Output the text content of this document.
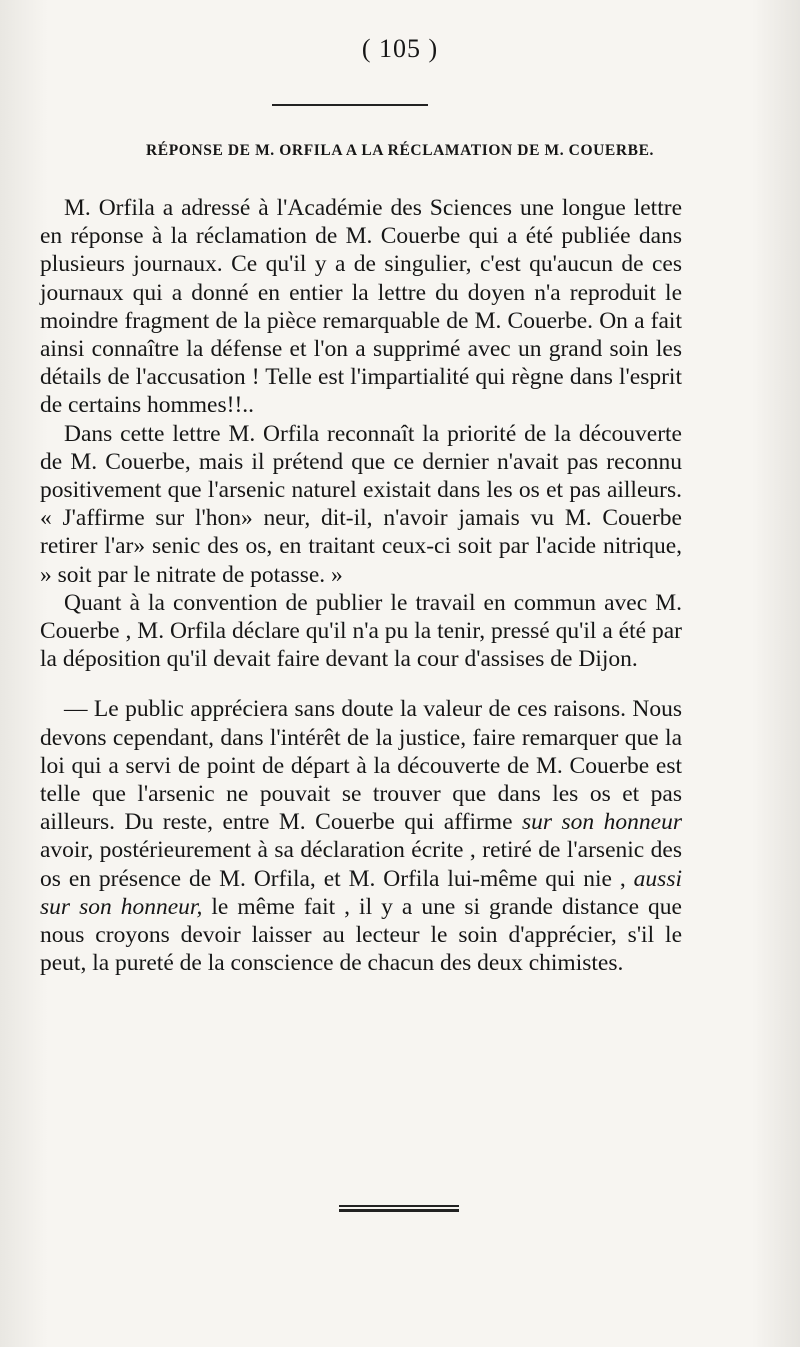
( 105 )
RÉPONSE DE M. ORFILA A LA RÉCLAMATION DE M. COUERBE.

M. Orfila a adressé à l'Académie des Sciences une longue lettre en réponse à la réclamation de M. Couerbe qui a été publiée dans plusieurs journaux. Ce qu'il y a de singulier, c'est qu'aucun de ces journaux qui a donné en entier la lettre du doyen n'a reproduit le moindre fragment de la pièce remarquable de M. Couerbe. On a fait ainsi connaître la défense et l'on a supprimé avec un grand soin les détails de l'accusation ! Telle est l'impartialité qui règne dans l'esprit de certains hommes!!..

Dans cette lettre M. Orfila reconnaît la priorité de la découverte de M. Couerbe, mais il prétend que ce dernier n'avait pas reconnu positivement que l'arsenic naturel existait dans les os et pas ailleurs. « J'affirme sur l'hon» neur, dit-il, n'avoir jamais vu M. Couerbe retirer l'ar» senic des os, en traitant ceux-ci soit par l'acide nitrique, » soit par le nitrate de potasse. »

Quant à la convention de publier le travail en commun avec M. Couerbe , M. Orfila déclare qu'il n'a pu la tenir, pressé qu'il a été par la déposition qu'il devait faire devant la cour d'assises de Dijon.

— Le public appréciera sans doute la valeur de ces raisons. Nous devons cependant, dans l'intérêt de la justice, faire remarquer que la loi qui a servi de point de départ à la découverte de M. Couerbe est telle que l'arsenic ne pouvait se trouver que dans les os et pas ailleurs. Du reste, entre M. Couerbe qui affirme sur son honneur avoir, postérieurement à sa déclaration écrite , retiré de l'arsenic des os en présence de M. Orfila, et M. Orfila lui-même qui nie , aussi sur son honneur, le même fait , il y a une si grande distance que nous croyons devoir laisser au lecteur le soin d'apprécier, s'il le peut, la pureté de la conscience de chacun des deux chimistes.
